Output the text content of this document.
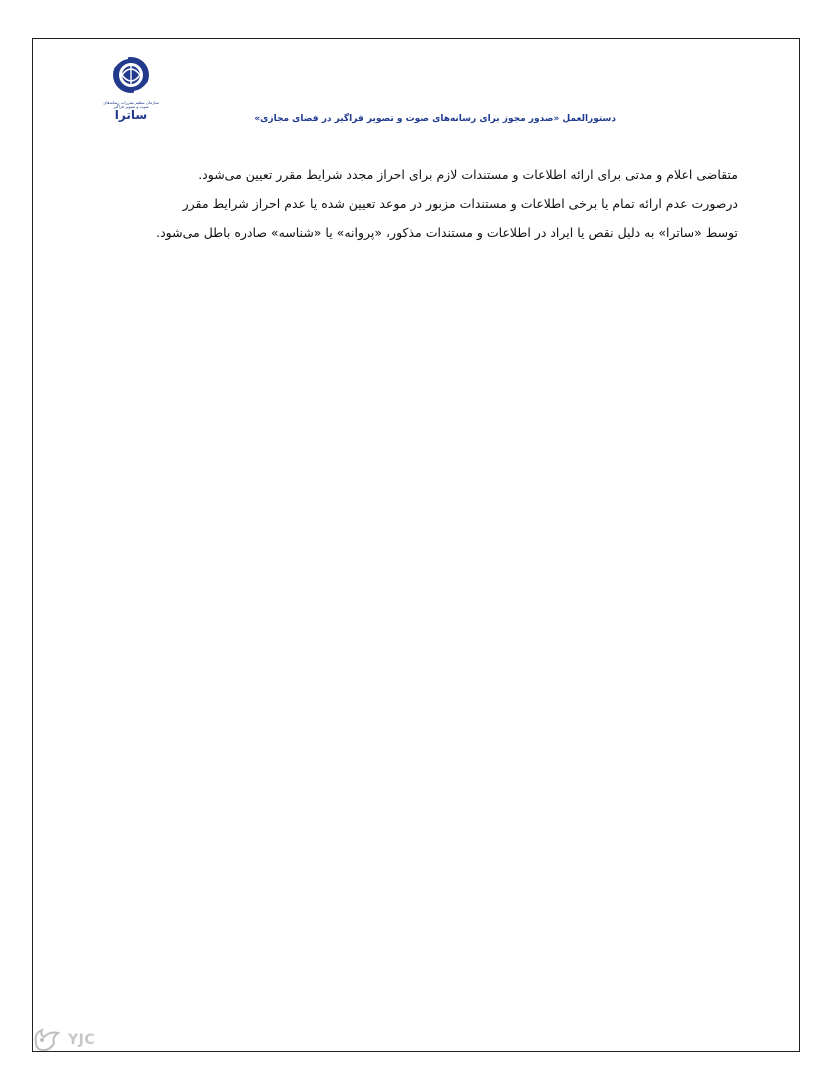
سازمان تنظیم مقررات رسانه‌های صوت و تصویر فراگیر
ساترا	دستورالعمل «صدور مجوز برای رسانه‌های صوت و تصویر فراگیر در فضای مجازی»

متقاضی اعلام و مدتی برای ارائه اطلاعات و مستندات لازم برای احراز مجدد شرایط مقرر تعیین می‌شود.

درصورت عدم ارائه تمام یا برخی اطلاعات و مستندات مزبور در موعد تعیین شده یا عدم احراز شرایط مقرر

توسط «ساترا» به دلیل نقص یا ایراد در اطلاعات و مستندات مذکور، «پروانه» یا «شناسه» صادره باطل می‌شود.

YJC
